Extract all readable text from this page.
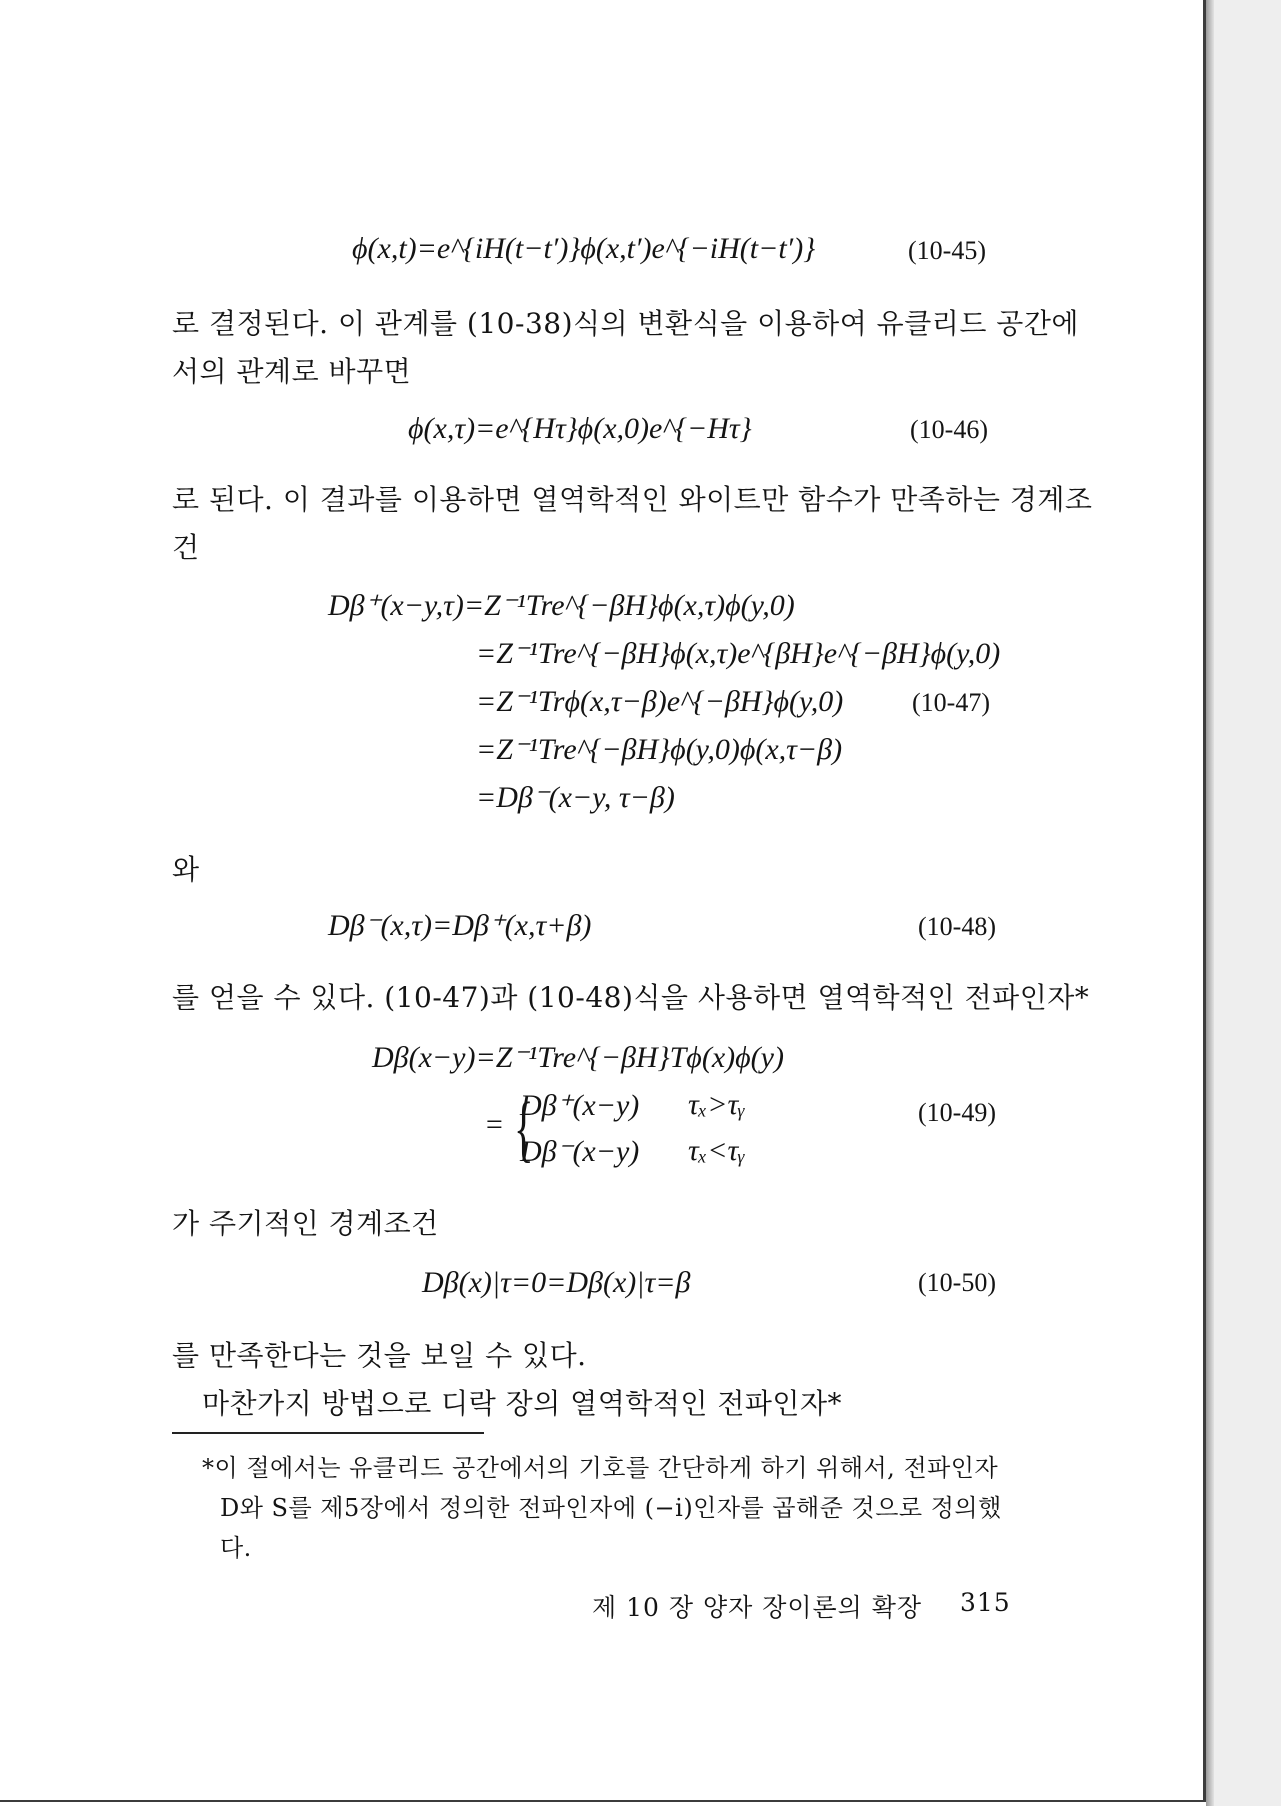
ϕ(x,t)=e^{iH(t−t′)}ϕ(x,t′)e^{−iH(t−t′)}	(10-45)
로 결정된다. 이 관계를 (10-38)식의 변환식을 이용하여 유클리드 공간에
서의 관계로 바꾸면
ϕ(x,τ)=e^{Hτ}ϕ(x,0)e^{−Hτ}	(10-46)
로 된다. 이 결과를 이용하면 열역학적인 와이트만 함수가 만족하는 경계조
건
Dβ⁺(x−y,τ)=Z⁻¹Tre^{−βH}ϕ(x,τ)ϕ(y,0)
=Z⁻¹Tre^{−βH}ϕ(x,τ)e^{βH}e^{−βH}ϕ(y,0)
=Z⁻¹Trϕ(x,τ−β)e^{−βH}ϕ(y,0)	(10-47)
=Z⁻¹Tre^{−βH}ϕ(y,0)ϕ(x,τ−β)
=Dβ⁻(x−y, τ−β)
와
Dβ⁻(x,τ)=Dβ⁺(x,τ+β)	(10-48)
를 얻을 수 있다. (10-47)과 (10-48)식을 사용하면 열역학적인 전파인자*
Dβ(x−y)=Z⁻¹Tre^{−βH}Tϕ(x)ϕ(y)
= {
Dβ⁺(x−y) τₓ>τᵧ	(10-49)
Dβ⁻(x−y) τₓ<τᵧ
가 주기적인 경계조건
Dβ(x)|τ=0=Dβ(x)|τ=β	(10-50)
를 만족한다는 것을 보일 수 있다.
마찬가지 방법으로 디락 장의 열역학적인 전파인자*
*이 절에서는 유클리드 공간에서의 기호를 간단하게 하기 위해서, 전파인자
D와 S를 제5장에서 정의한 전파인자에 (−i)인자를 곱해준 것으로 정의했
다.
제 10 장 양자 장이론의 확장 315
